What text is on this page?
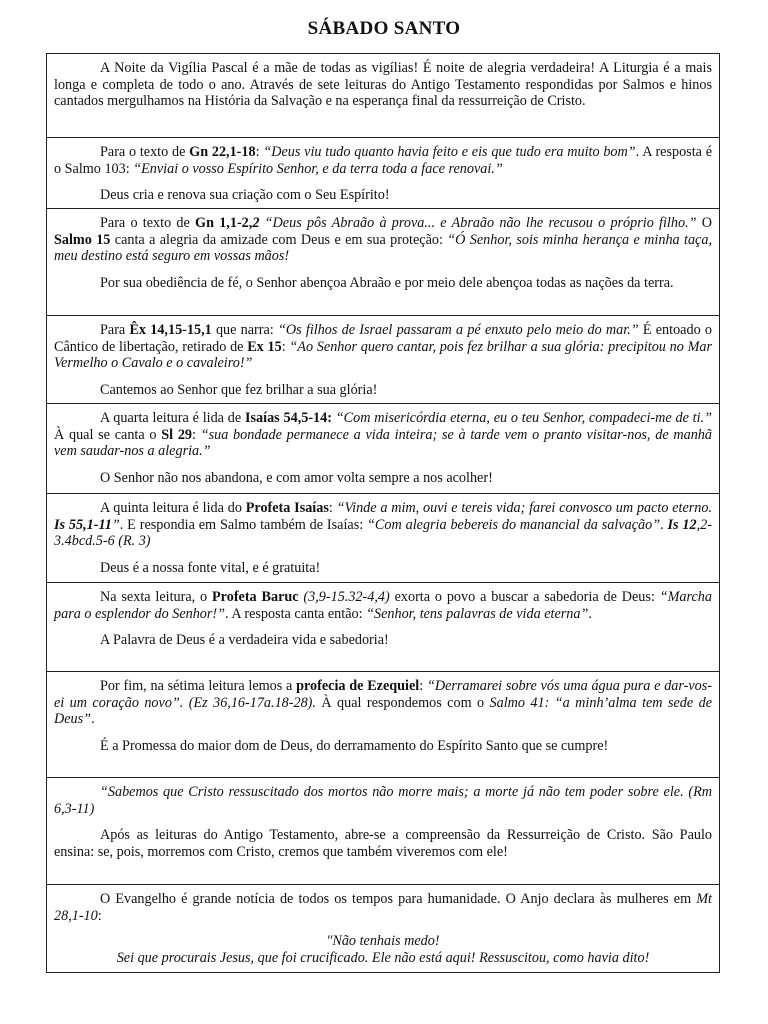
SÁBADO SANTO

A Noite da Vigília Pascal é a mãe de todas as vigílias! É noite de alegria verdadeira! A Liturgia é a mais longa e completa de todo o ano. Através de sete leituras do Antigo Testamento respondidas por Salmos e hinos cantados mergulhamos na História da Salvação e na esperança final da ressurreição de Cristo.

Para o texto de Gn 22,1-18: “Deus viu tudo quanto havia feito e eis que tudo era muito bom”. A resposta é o Salmo 103: “Enviai o vosso Espírito Senhor, e da terra toda a face renovai.”

Deus cria e renova sua criação com o Seu Espírito!

Para o texto de Gn 1,1-2,2 “Deus pôs Abraão à prova... e Abraão não lhe recusou o próprio filho.” O Salmo 15 canta a alegria da amizade com Deus e em sua proteção: “Ó Senhor, sois minha herança e minha taça, meu destino está seguro em vossas mãos!

Por sua obediência de fé, o Senhor abençoa Abraão e por meio dele abençoa todas as nações da terra.

Para Êx 14,15-15,1 que narra: “Os filhos de Israel passaram a pé enxuto pelo meio do mar.” É entoado o Cântico de libertação, retirado de Ex 15: “Ao Senhor quero cantar, pois fez brilhar a sua glória: precipitou no Mar Vermelho o Cavalo e o cavaleiro!”

Cantemos ao Senhor que fez brilhar a sua glória!

A quarta leitura é lida de Isaías 54,5-14: “Com misericórdia eterna, eu o teu Senhor, compadeci-me de ti.” À qual se canta o Sl 29: “sua bondade permanece a vida inteira; se à tarde vem o pranto visitar-nos, de manhã vem saudar-nos a alegria.”

O Senhor não nos abandona, e com amor volta sempre a nos acolher!

A quinta leitura é lida do Profeta Isaías: “Vinde a mim, ouvi e tereis vida; farei convosco um pacto eterno. Is 55,1-11”. E respondia em Salmo também de Isaías: “Com alegria bebereis do manancial da salvação”. Is 12,2-3.4bcd.5-6 (R. 3)

Deus é a nossa fonte vital, e é gratuita!

Na sexta leitura, o Profeta Baruc (3,9-15.32-4,4) exorta o povo a buscar a sabedoria de Deus: “Marcha para o esplendor do Senhor!”. A resposta canta então: “Senhor, tens palavras de vida eterna”.

A Palavra de Deus é a verdadeira vida e sabedoria!

Por fim, na sétima leitura lemos a profecia de Ezequiel: “Derramarei sobre vós uma água pura e dar-vos-ei um coração novo”. (Ez 36,16-17a.18-28). À qual respondemos com o Salmo 41: “a minh’alma tem sede de Deus”.

É a Promessa do maior dom de Deus, do derramamento do Espírito Santo que se cumpre!

“Sabemos que Cristo ressuscitado dos mortos não morre mais; a morte já não tem poder sobre ele. (Rm 6,3-11)

Após as leituras do Antigo Testamento, abre-se a compreensão da Ressurreição de Cristo. São Paulo ensina: se, pois, morremos com Cristo, cremos que também viveremos com ele!

O Evangelho é grande notícia de todos os tempos para humanidade. O Anjo declara às mulheres em Mt 28,1-10:

"Não tenhais medo!
Sei que procurais Jesus, que foi crucificado. Ele não está aqui! Ressuscitou, como havia dito!
